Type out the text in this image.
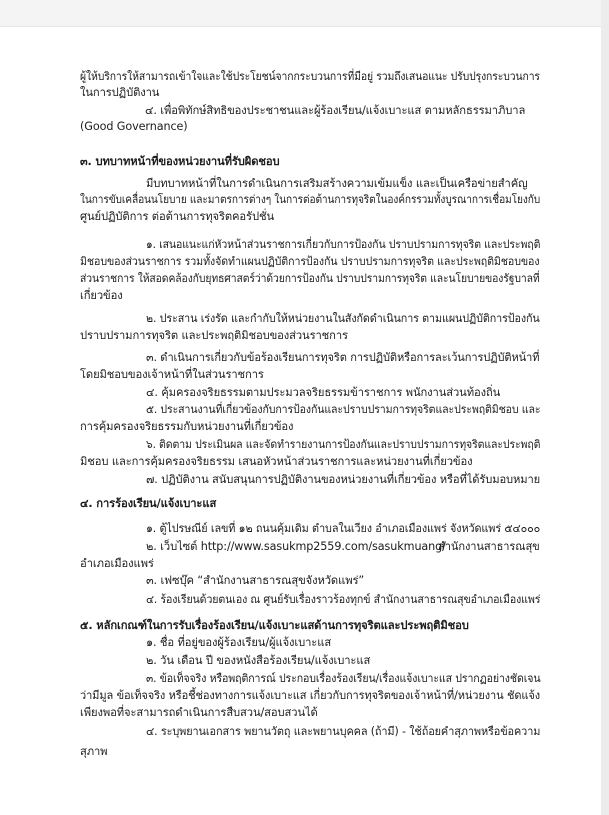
ผู้ให้บริการให้สามารถเข้าใจและใช้ประโยชน์จากกระบวนการที่มีอยู่ รวมถึงเสนอแนะ ปรับปรุงกระบวนการ
ในการปฏิบัติงาน
๔. เพื่อพิทักษ์สิทธิของประชาชนและผู้ร้องเรียน/แจ้งเบาะแส ตามหลักธรรมาภิบาล
(Good Governance)
๓. บทบาทหน้าที่ของหน่วยงานที่รับผิดชอบ
มีบทบาทหน้าที่ในการดำเนินการเสริมสร้างความเข้มแข็ง และเป็นเครือข่ายสำคัญ
ในการขับเคลื่อนนโยบาย และมาตรการต่างๆ ในการต่อต้านการทุจริตในองค์กรรวมทั้งบูรณาการเชื่อมโยงกับ
ศูนย์ปฏิบัติการ ต่อต้านการทุจริตคอรัปชั่น
๑. เสนอแนะแก่หัวหน้าส่วนราชการเกี่ยวกับการป้องกัน ปราบปรามการทุจริต และประพฤติ
มิชอบของส่วนราชการ รวมทั้งจัดทำแผนปฏิบัติการป้องกัน ปราบปรามการทุจริต และประพฤติมิชอบของ
ส่วนราชการ ให้สอดคล้องกับยุทธศาสตร์ว่าด้วยการป้องกัน ปราบปรามการทุจริต และนโยบายของรัฐบาลที่
เกี่ยวข้อง
๒. ประสาน เร่งรัด และกำกับให้หน่วยงานในสังกัดดำเนินการ ตามแผนปฏิบัติการป้องกัน
ปราบปรามการทุจริต และประพฤติมิชอบของส่วนราชการ
๓. ดำเนินการเกี่ยวกับข้อร้องเรียนการทุจริต การปฏิบัติหรือการละเว้นการปฏิบัติหน้าที่
โดยมิชอบของเจ้าหน้าที่ในส่วนราชการ
๔. คุ้มครองจริยธรรมตามประมวลจริยธรรมข้าราชการ พนักงานส่วนท้องถิ่น
๕. ประสานงานที่เกี่ยวข้องกับการป้องกันและปราบปรามการทุจริตและประพฤติมิชอบ และ
การคุ้มครองจริยธรรมกับหน่วยงานที่เกี่ยวข้อง
๖. ติดตาม ประเมินผล และจัดทำรายงานการป้องกันและปราบปรามการทุจริตและประพฤติ
มิชอบ และการคุ้มครองจริยธรรม เสนอหัวหน้าส่วนราชการและหน่วยงานที่เกี่ยวข้อง
๗. ปฏิบัติงาน สนับสนุนการปฏิบัติงานของหน่วยงานที่เกี่ยวข้อง หรือที่ได้รับมอบหมาย
๔. การร้องเรียน/แจ้งเบาะแส
๑. ตู้ไปรษณีย์ เลขที่ ๑๒ ถนนคุ้มเดิม ตำบลในเวียง อำเภอเมืองแพร่ จังหวัดแพร่ ๕๔๐๐๐
๒. เว็บไซต์ http://www.sasukmp2559.com/sasukmuang/
สำนักงานสาธารณสุข
อำเภอเมืองแพร่
๓. เฟซบุ๊ค “สำนักงานสาธารณสุขจังหวัดแพร่”
๔. ร้องเรียนด้วยตนเอง ณ ศูนย์รับเรื่องราวร้องทุกข์ สำนักงานสาธารณสุขอำเภอเมืองแพร่
๕. หลักเกณฑ์ในการรับเรื่องร้องเรียน/แจ้งเบาะแสด้านการทุจริตและประพฤติมิชอบ
๑. ชื่อ ที่อยู่ของผู้ร้องเรียน/ผู้แจ้งเบาะแส
๒. วัน เดือน ปี ของหนังสือร้องเรียน/แจ้งเบาะแส
๓. ข้อเท็จจริง หรือพฤติการณ์ ประกอบเรื่องร้องเรียน/เรื่องแจ้งเบาะแส ปรากฏอย่างชัดเจน
ว่ามีมูล ข้อเท็จจริง หรือชี้ช่องทางการแจ้งเบาะแส เกี่ยวกับการทุจริตของเจ้าหน้าที่/หน่วยงาน ชัดแจ้ง
เพียงพอที่จะสามารถดำเนินการสืบสวน/สอบสวนได้
๔. ระบุพยานเอกสาร พยานวัตถุ และพยานบุคคล (ถ้ามี) - ใช้ถ้อยคำสุภาพหรือข้อความ
สุภาพ
